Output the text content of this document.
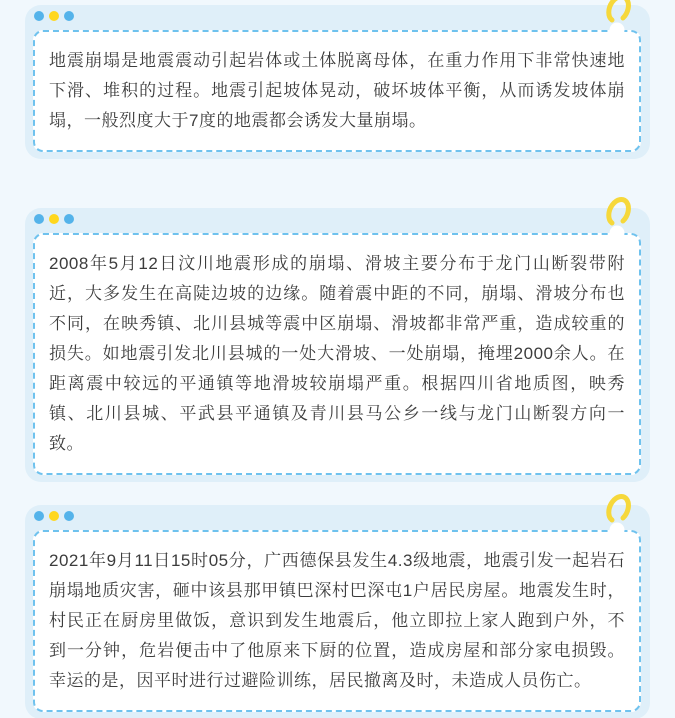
地震崩塌是地震震动引起岩体或土体脱离母体，在重力作用下非常快速地下滑、堆积的过程。地震引起坡体晃动，破坏坡体平衡，从而诱发坡体崩塌，一般烈度大于7度的地震都会诱发大量崩塌。

2008年5月12日汶川地震形成的崩塌、滑坡主要分布于龙门山断裂带附近，大多发生在高陡边坡的边缘。随着震中距的不同，崩塌、滑坡分布也不同，在映秀镇、北川县城等震中区崩塌、滑坡都非常严重，造成较重的损失。如地震引发北川县城的一处大滑坡、一处崩塌，掩埋2000余人。在距离震中较远的平通镇等地滑坡较崩塌严重。根据四川省地质图，映秀镇、北川县城、平武县平通镇及青川县马公乡一线与龙门山断裂方向一致。

2021年9月11日15时05分，广西德保县发生4.3级地震，地震引发一起岩石崩塌地质灾害，砸中该县那甲镇巴深村巴深屯1户居民房屋。地震发生时，村民正在厨房里做饭，意识到发生地震后，他立即拉上家人跑到户外，不到一分钟，危岩便击中了他原来下厨的位置，造成房屋和部分家电损毁。幸运的是，因平时进行过避险训练，居民撤离及时，未造成人员伤亡。
